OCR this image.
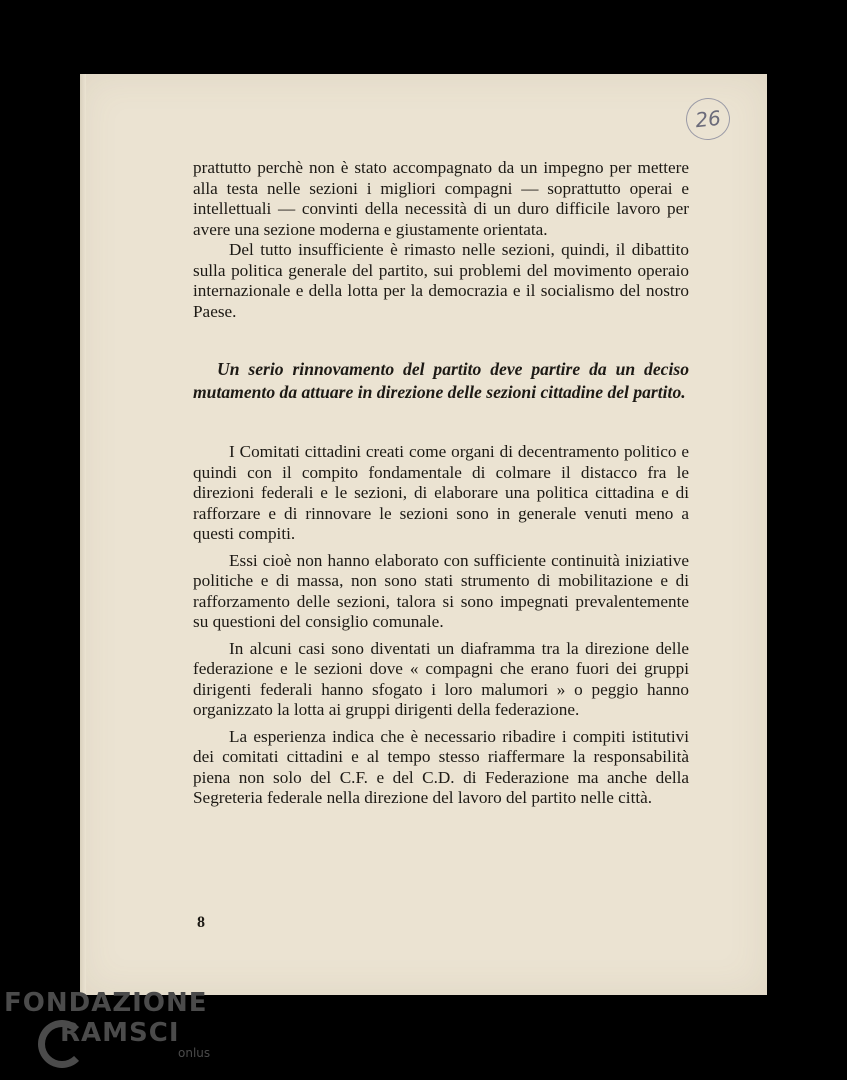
26

prattutto perchè non è stato accompagnato da un impegno per mettere alla testa nelle sezioni i migliori compagni — soprattutto operai e intellettuali — convinti della necessità di un duro difficile lavoro per avere una sezione moderna e giustamente orientata.

Del tutto insufficiente è rimasto nelle sezioni, quindi, il dibattito sulla politica generale del partito, sui problemi del movimento operaio internazionale e della lotta per la democrazia e il socialismo del nostro Paese.

Un serio rinnovamento del partito deve partire da un deciso mutamento da attuare in direzione delle sezioni cittadine del partito.

I Comitati cittadini creati come organi di decentramento politico e quindi con il compito fondamentale di colmare il distacco fra le direzioni federali e le sezioni, di elaborare una politica cittadina e di rafforzare e di rinnovare le sezioni sono in generale venuti meno a questi compiti.

Essi cioè non hanno elaborato con sufficiente continuità iniziative politiche e di massa, non sono stati strumento di mobilitazione e di rafforzamento delle sezioni, talora si sono impegnati prevalentemente su questioni del consiglio comunale.

In alcuni casi sono diventati un diaframma tra la direzione delle federazione e le sezioni dove « compagni che erano fuori dei gruppi dirigenti federali hanno sfogato i loro malumori » o peggio hanno organizzato la lotta ai gruppi dirigenti della federazione.

La esperienza indica che è necessario ribadire i compiti istitutivi dei comitati cittadini e al tempo stesso riaffermare la responsabilità piena non solo del C.F. e del C.D. di Federazione ma anche della Segreteria federale nella direzione del lavoro del partito nelle città.

8
FONDAZIONE
RAMSCI
onlus
